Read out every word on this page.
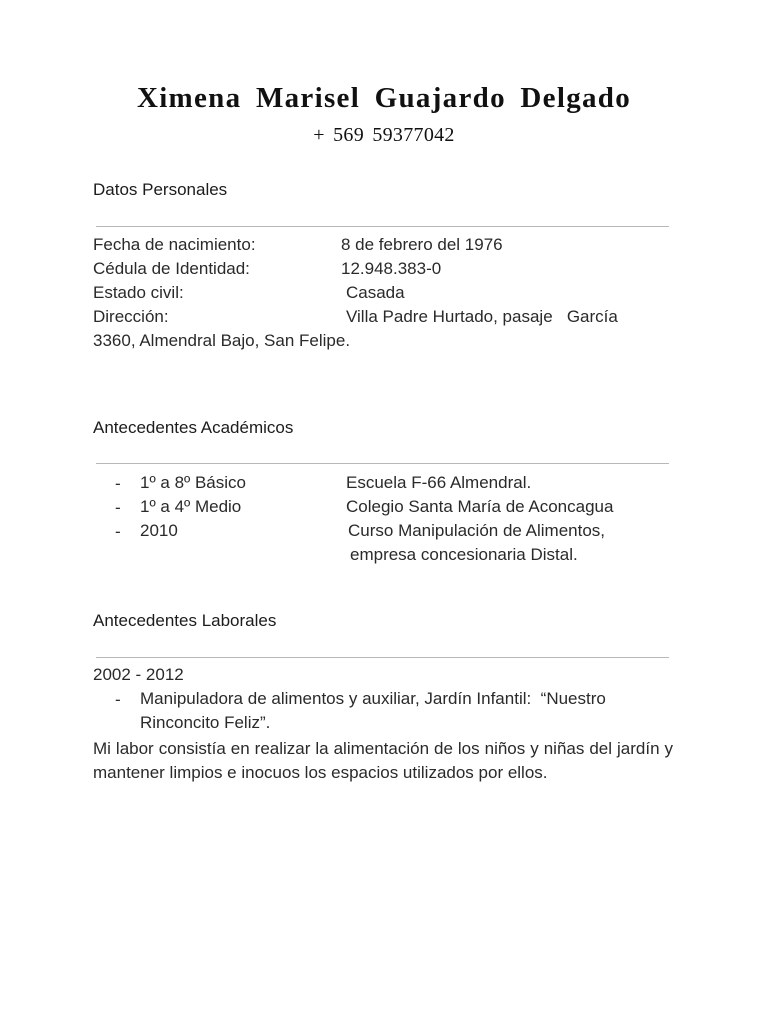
Ximena Marisel Guajardo Delgado
+ 569 59377042
Datos Personales
Fecha de nacimiento:	8 de febrero del 1976
Cédula de Identidad:	12.948.383-0
Estado civil:	Casada
Dirección:	Villa Padre Hurtado, pasaje   García
3360, Almendral Bajo, San Felipe.
Antecedentes Académicos
- 1º a 8º Básico	Escuela F-66 Almendral.
- 1º a 4º Medio	Colegio Santa María de Aconcagua
- 2010	Curso Manipulación de Alimentos,
empresa concesionaria Distal.
Antecedentes Laborales
2002 - 2012
- Manipuladora de alimentos y auxiliar, Jardín Infantil:  “Nuestro
Rinconcito Feliz”.
Mi labor consistía en realizar la alimentación de los niños y niñas del jardín y mantener limpios e inocuos los espacios utilizados por ellos.
